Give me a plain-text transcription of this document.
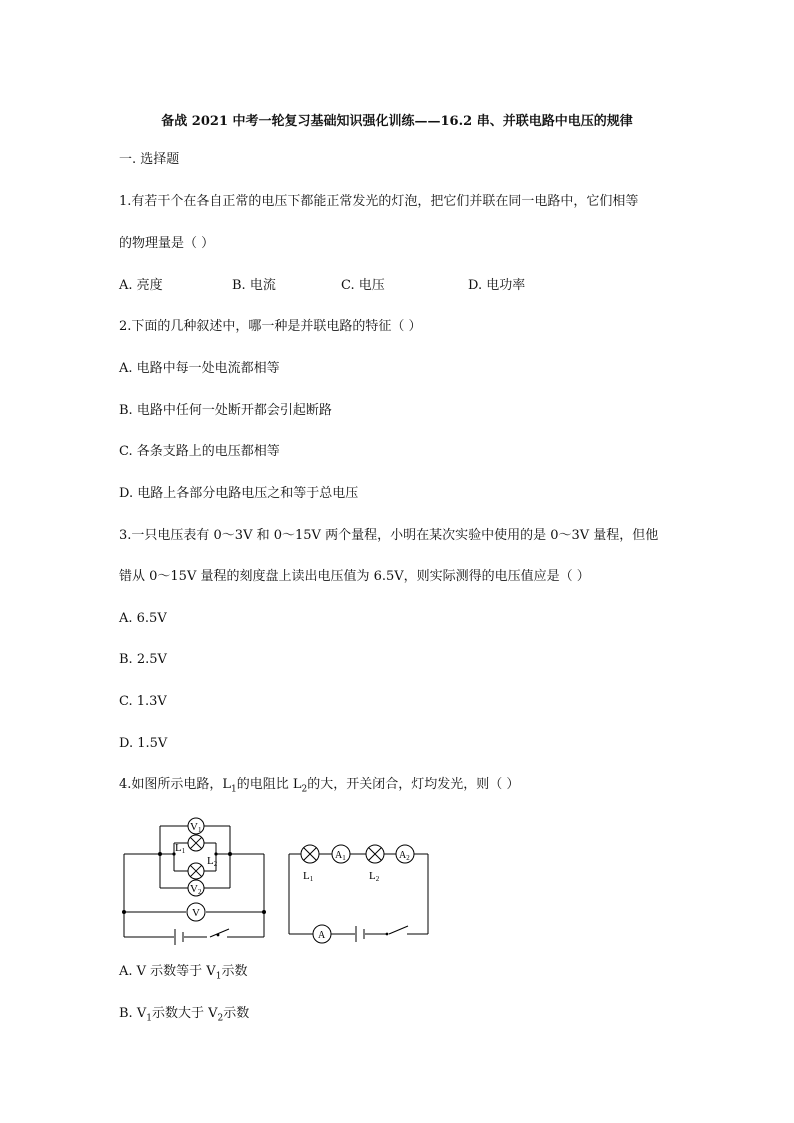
备战 2021 中考一轮复习基础知识强化训练——16.2 串、并联电路中电压的规律
一. 选择题
1.有若干个在各自正常的电压下都能正常发光的灯泡，把它们并联在同一电路中，它们相等
的物理量是（ ）
A. 亮度	B. 电流	C. 电压	D. 电功率
2.下面的几种叙述中，哪一种是并联电路的特征（ ）
A. 电路中每一处电流都相等
B. 电路中任何一处断开都会引起断路
C. 各条支路上的电压都相等
D. 电路上各部分电路电压之和等于总电压
3.一只电压表有 0～3V 和 0～15V 两个量程，小明在某次实验中使用的是 0～3V 量程，但他
错从 0～15V 量程的刻度盘上读出电压值为 6.5V，则实际测得的电压值应是（ ）
A. 6.5V
B. 2.5V
C. 1.3V
D. 1.5V
4.如图所示电路，$L_1$的电阻比 $L_2$的大，开关闭合，灯均发光，则（ ）
V1
V2
V
L1
L2
$A_1$	$A_2$
A
L1	L2
A. V 示数等于 $V_1$示数
B. $V_1$示数大于 $V_2$示数
